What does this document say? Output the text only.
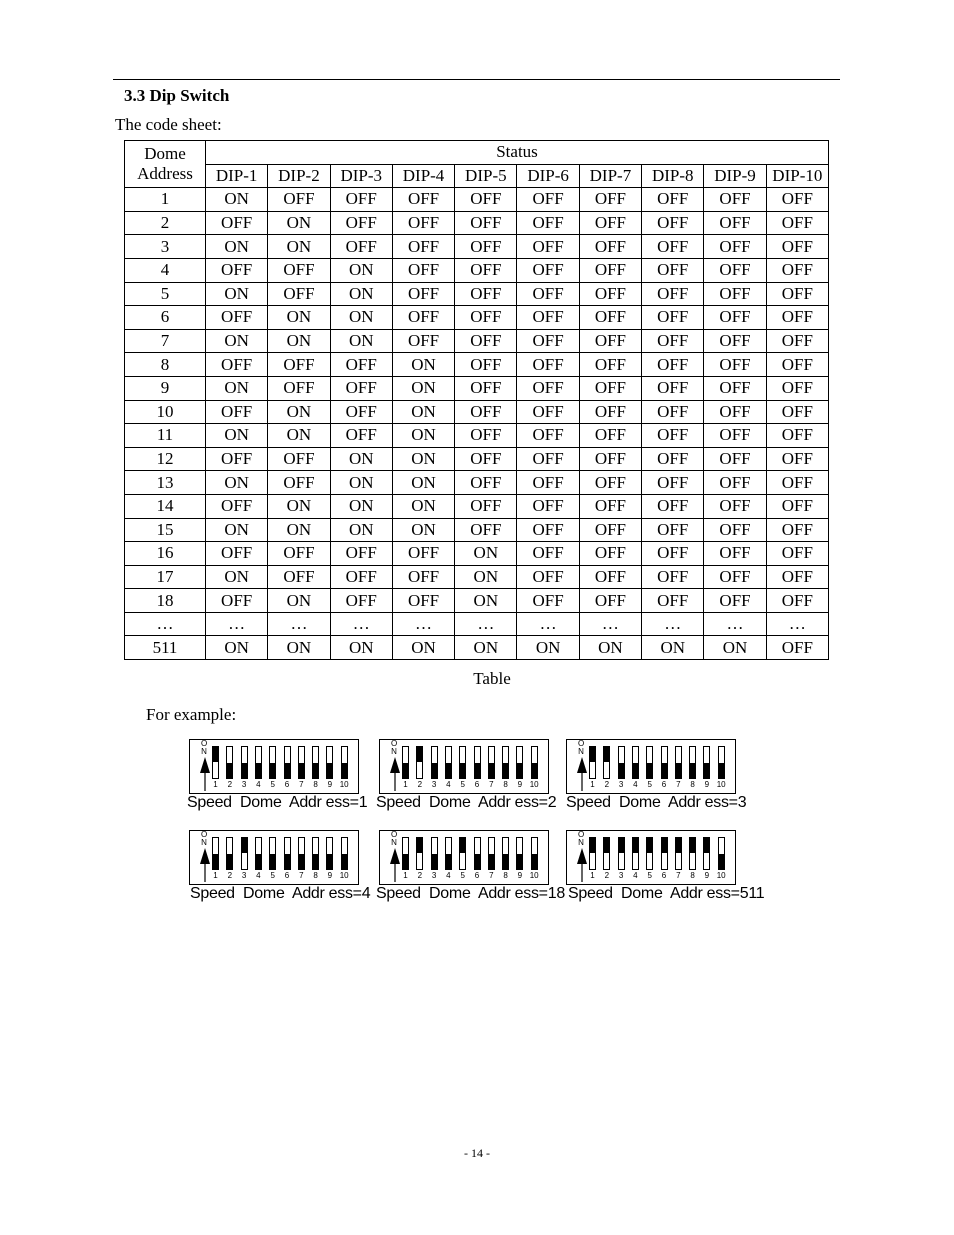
3.3 Dip Switch
The code sheet:
Dome
Address	Status									
	DIP-1	DIP-2	DIP-3	DIP-4	DIP-5	DIP-6	DIP-7	DIP-8	DIP-9	DIP-10
1	ON	OFF	OFF	OFF	OFF	OFF	OFF	OFF	OFF	OFF
2	OFF	ON	OFF	OFF	OFF	OFF	OFF	OFF	OFF	OFF
3	ON	ON	OFF	OFF	OFF	OFF	OFF	OFF	OFF	OFF
4	OFF	OFF	ON	OFF	OFF	OFF	OFF	OFF	OFF	OFF
5	ON	OFF	ON	OFF	OFF	OFF	OFF	OFF	OFF	OFF
6	OFF	ON	ON	OFF	OFF	OFF	OFF	OFF	OFF	OFF
7	ON	ON	ON	OFF	OFF	OFF	OFF	OFF	OFF	OFF
8	OFF	OFF	OFF	ON	OFF	OFF	OFF	OFF	OFF	OFF
9	ON	OFF	OFF	ON	OFF	OFF	OFF	OFF	OFF	OFF
10	OFF	ON	OFF	ON	OFF	OFF	OFF	OFF	OFF	OFF
11	ON	ON	OFF	ON	OFF	OFF	OFF	OFF	OFF	OFF
12	OFF	OFF	ON	ON	OFF	OFF	OFF	OFF	OFF	OFF
13	ON	OFF	ON	ON	OFF	OFF	OFF	OFF	OFF	OFF
14	OFF	ON	ON	ON	OFF	OFF	OFF	OFF	OFF	OFF
15	ON	ON	ON	ON	OFF	OFF	OFF	OFF	OFF	OFF
16	OFF	OFF	OFF	OFF	ON	OFF	OFF	OFF	OFF	OFF
17	ON	OFF	OFF	OFF	ON	OFF	OFF	OFF	OFF	OFF
18	OFF	ON	OFF	OFF	ON	OFF	OFF	OFF	OFF	OFF
…	…	…	…	…	…	…	…	…	…	…
511	ON	ON	ON	ON	ON	ON	ON	ON	ON	OFF
Table
For example:
O
N
1	2	3	4	5	6	7	8	9 10
Speed  Dome  Addr ess=1
O
N
1	2	3	4	5	6	7	8	9 10
Speed  Dome  Addr ess=2
O
N
1	2	3	4	5	6	7	8	9 10
Speed  Dome  Addr ess=3
O
N
1	2	3	4	5	6	7	8	9 10
Speed  Dome  Addr ess=4
O
N
1	2	3	4	5	6	7	8	9 10
Speed  Dome  Addr ess=18
O
N
1	2	3	4	5	6	7	8	9 10
Speed  Dome  Addr ess=511
- 14 -
